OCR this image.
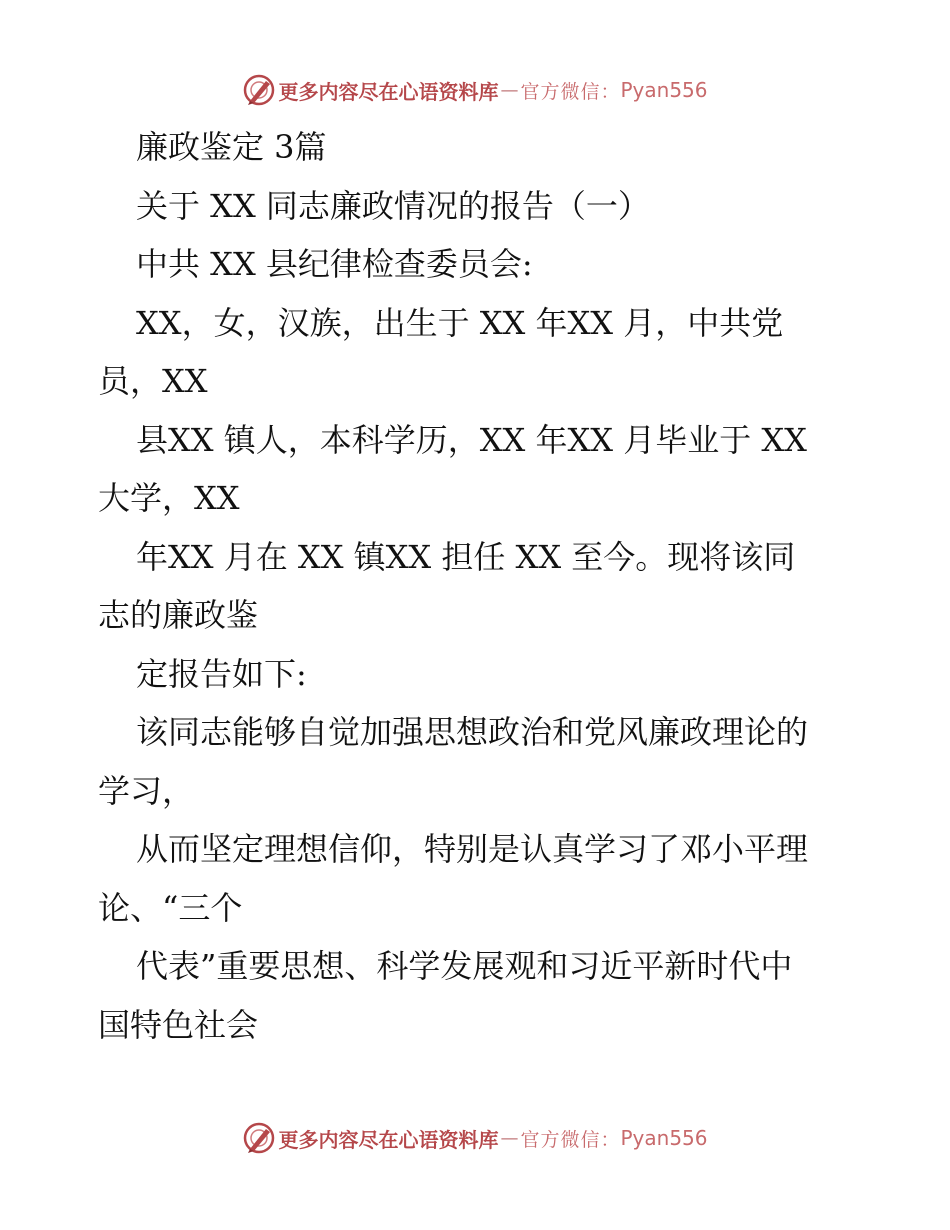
更多内容尽在心语资料库 — 官方微信： Pyan556
廉政鉴定 3篇
关于 XX 同志廉政情况的报告（一）
中共 XX 县纪律检查委员会:
XX，女，汉族，出生于 XX 年XX 月，中共党
员，XX
县XX 镇人，本科学历，XX 年XX 月毕业于 XX
大学，XX
年XX 月在 XX 镇XX 担任 XX 至今。现将该同
志的廉政鉴
定报告如下:
该同志能够自觉加强思想政治和党风廉政理论的
学习，
从而坚定理想信仰，特别是认真学习了邓小平理
论、“三个
代表”重要思想、科学发展观和习近平新时代中
国特色社会
更多内容尽在心语资料库 — 官方微信： Pyan556
